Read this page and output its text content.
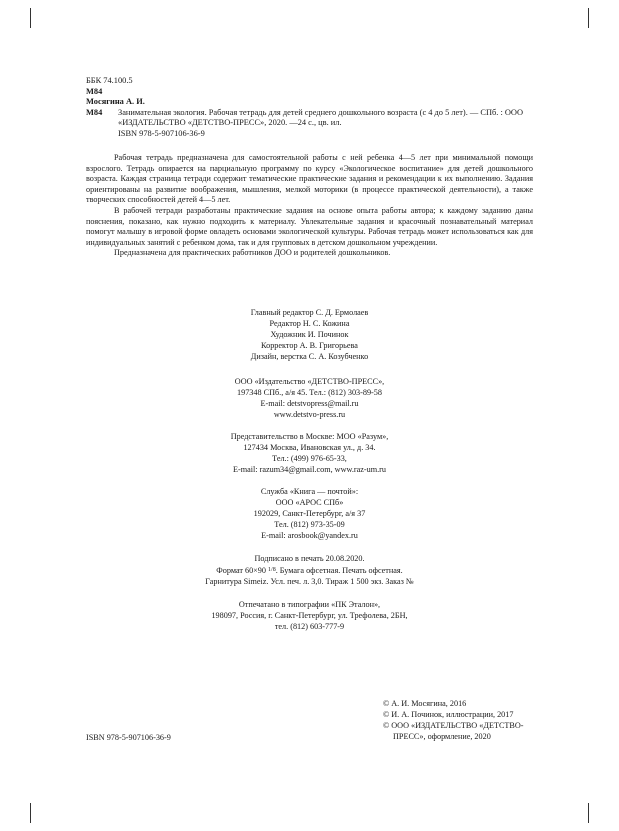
ББК 74.100.5
М84
Мосягина А. И.
М84 Занимательная экология. Рабочая тетрадь для детей среднего дошкольного возраста (с 4 до 5 лет). — СПб. : ООО «ИЗДАТЕЛЬСТВО «ДЕТСТВО-ПРЕСС», 2020. —24 с., цв. ил.
ISBN 978-5-907106-36-9

Рабочая тетрадь предназначена для самостоятельной работы с ней ребенка 4—5 лет при минимальной помощи взрослого. Тетрадь опирается на парциальную программу по курсу «Экологическое воспитание» для детей дошкольного возраста. Каждая страница тетради содержит тематические практические задания и рекомендации к их выполнению. Задания ориентированы на развитие воображения, мышления, мелкой моторики (в процессе практической деятельности), а также творческих способностей детей 4—5 лет.

В рабочей тетради разработаны практические задания на основе опыта работы автора; к каждому заданию даны пояснения, показано, как нужно подходить к материалу. Увлекательные задания и красочный познавательный материал помогут малышу в игровой форме овладеть основами экологической культуры. Рабочая тетрадь может использоваться как для индивидуальных занятий с ребенком дома, так и для групповых в детском дошкольном учреждении.

Предназначена для практических работников ДОО и родителей дошкольников.

Главный редактор С. Д. Ермолаев
Редактор Н. С. Кожина
Художник И. Починок
Корректор А. В. Григорьева
Дизайн, верстка С. А. Козубченко
ООО «Издательство «ДЕТСТВО-ПРЕСС»,
197348 СПб., а/я 45. Тел.: (812) 303-89-58
E-mail: detstvopress@mail.ru
www.detstvo-press.ru
Представительство в Москве: МОО «Разум»,
127434 Москва, Ивановская ул., д. 34.
Тел.: (499) 976-65-33,
E-mail: razum34@gmail.com, www.raz-um.ru
Служба «Книга — почтой»:
ООО «АРОС СПб»
192029, Санкт-Петербург, а/я 37
Тел. (812) 973-35-09
E-mail: arosbook@yandex.ru
Подписано в печать 20.08.2020.
Формат 60×90 $^{1/8}$. Бумага офсетная. Печать офсетная.
Гарнитура Simeiz. Усл. печ. л. 3,0. Тираж 1 500 экз. Заказ №
Отпечатано в типографии «ПК Эталон»,
198097, Россия, г. Санкт-Петербург, ул. Трефолева, 2БН,
тел. (812) 603-777-9
© А. И. Мосягина, 2016
© И. А. Починок, иллюстрации, 2017
© ООО «ИЗДАТЕЛЬСТВО «ДЕТСТВО-
ПРЕСС», оформление, 2020
ISBN 978-5-907106-36-9
